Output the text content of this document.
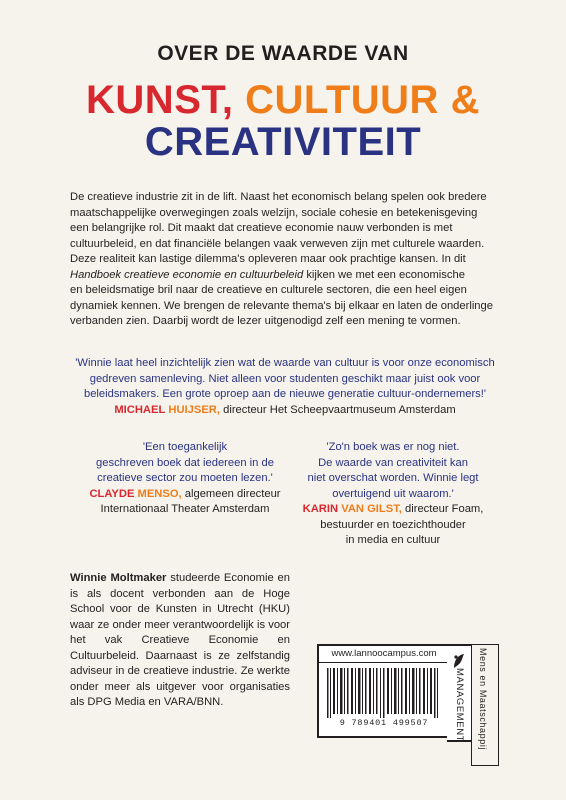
OVER DE WAARDE VAN
KUNST, CULTUUR &
CREATIVITEIT
De creatieve industrie zit in de lift. Naast het economisch belang spelen ook bredere
maatschappelijke overwegingen zoals welzijn, sociale cohesie en betekenisgeving
een belangrijke rol. Dit maakt dat creatieve economie nauw verbonden is met
cultuurbeleid, en dat financiële belangen vaak verweven zijn met culturele waarden.
Deze realiteit kan lastige dilemma's opleveren maar ook prachtige kansen. In dit
Handboek creatieve economie en cultuurbeleid kijken we met een economische
en beleidsmatige bril naar de creatieve en culturele sectoren, die een heel eigen
dynamiek kennen. We brengen de relevante thema's bij elkaar en laten de onderlinge
verbanden zien. Daarbij wordt de lezer uitgenodigd zelf een mening te vormen.
'Winnie laat heel inzichtelijk zien wat de waarde van cultuur is voor onze economisch
gedreven samenleving. Niet alleen voor studenten geschikt maar juist ook voor
beleidsmakers. Een grote oproep aan de nieuwe generatie cultuur-ondernemers!'
MICHAEL HUIJSER, directeur Het Scheepvaartmuseum Amsterdam
'Een toegankelijk
geschreven boek dat iedereen in de
creatieve sector zou moeten lezen.'
CLAYDE MENSO, algemeen directeur
Internationaal Theater Amsterdam
'Zo'n boek was er nog niet.
De waarde van creativiteit kan
niet overschat worden. Winnie legt
overtuigend uit waarom.'
KARIN VAN GILST, directeur Foam,
bestuurder en toezichthouder
in media en cultuur

Winnie Moltmaker studeerde Economie en is als docent verbonden aan de Hoge School voor de Kunsten in Utrecht (HKU) waar ze onder meer verantwoordelijk is voor het vak Creatieve Economie en Cultuurbeleid. Daarnaast is ze zelfstandig adviseur in de creatieve industrie. Ze werkte onder meer als uitgever voor organisaties als DPG Media en VARA/BNN.

www.lannoocampus.com
9 789401 499507	MANAGEMENT Mens en Maatschappij
